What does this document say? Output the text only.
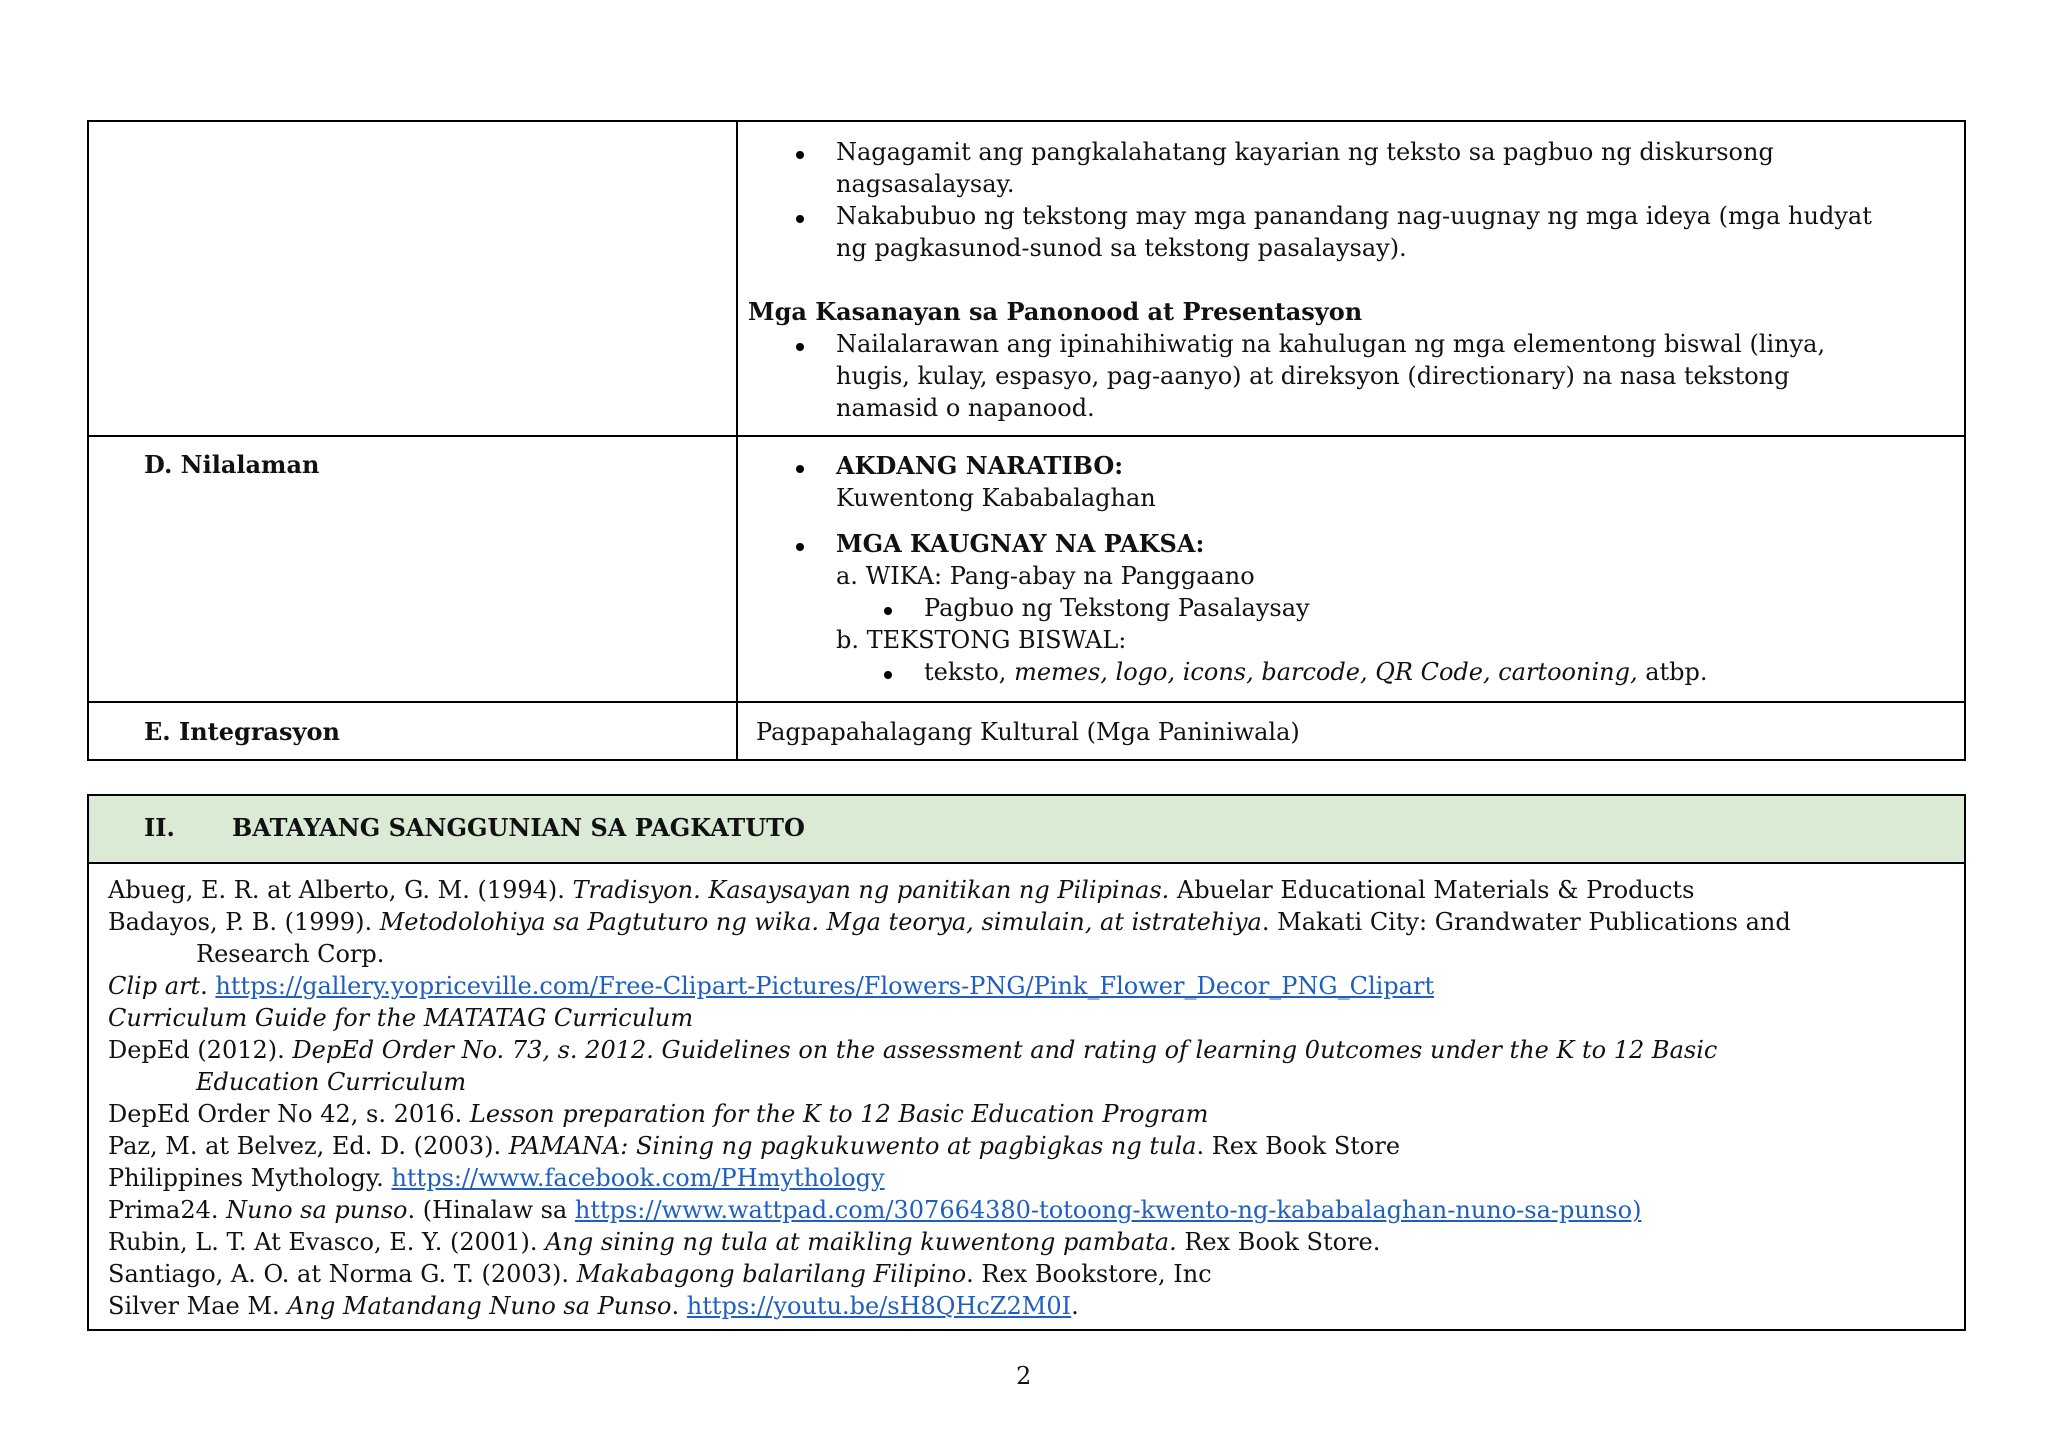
Nagagamit ang pangkalahatang kayarian ng teksto sa pagbuo ng diskursong
nagsasalaysay.
Nakabubuo ng tekstong may mga panandang nag-uugnay ng mga ideya (mga hudyat
ng pagkasunod-sunod sa tekstong pasalaysay).
Mga Kasanayan sa Panonood at Presentasyon
Nailalarawan ang ipinahihiwatig na kahulugan ng mga elementong biswal (linya,
hugis, kulay, espasyo, pag-aanyo) at direksyon (directionary) na nasa tekstong
namasid o napanood.
D. Nilalaman	AKDANG NARATIBO:
Kuwentong Kababalaghan
MGA KAUGNAY NA PAKSA:
a. WIKA: Pang-abay na Panggaano
Pagbuo ng Tekstong Pasalaysay
b. TEKSTONG BISWAL:
teksto, memes, logo, icons, barcode, QR Code, cartooning, atbp.
E. Integrasyon	Pagpapahalagang Kultural (Mga Paniniwala)
II. BATAYANG SANGGUNIAN SA PAGKATUTO
Abueg, E. R. at Alberto, G. M. (1994). Tradisyon. Kasaysayan ng panitikan ng Pilipinas. Abuelar Educational Materials & Products
Badayos, P. B. (1999). Metodolohiya sa Pagtuturo ng wika. Mga teorya, simulain, at istratehiya. Makati City: Grandwater Publications and
Research Corp.
Clip art. https://gallery.yopriceville.com/Free-Clipart-Pictures/Flowers-PNG/Pink_Flower_Decor_PNG_Clipart
Curriculum Guide for the MATATAG Curriculum
DepEd (2012). DepEd Order No. 73, s. 2012. Guidelines on the assessment and rating of learning 0utcomes under the K to 12 Basic
Education Curriculum
DepEd Order No 42, s. 2016. Lesson preparation for the K to 12 Basic Education Program
Paz, M. at Belvez, Ed. D. (2003). PAMANA: Sining ng pagkukuwento at pagbigkas ng tula. Rex Book Store
Philippines Mythology. https://www.facebook.com/PHmythology
Prima24. Nuno sa punso. (Hinalaw sa https://www.wattpad.com/307664380-totoong-kwento-ng-kababalaghan-nuno-sa-punso)
Rubin, L. T. At Evasco, E. Y. (2001). Ang sining ng tula at maikling kuwentong pambata. Rex Book Store.
Santiago, A. O. at Norma G. T. (2003). Makabagong balarilang Filipino. Rex Bookstore, Inc
Silver Mae M. Ang Matandang Nuno sa Punso. https://youtu.be/sH8QHcZ2M0I.
2
